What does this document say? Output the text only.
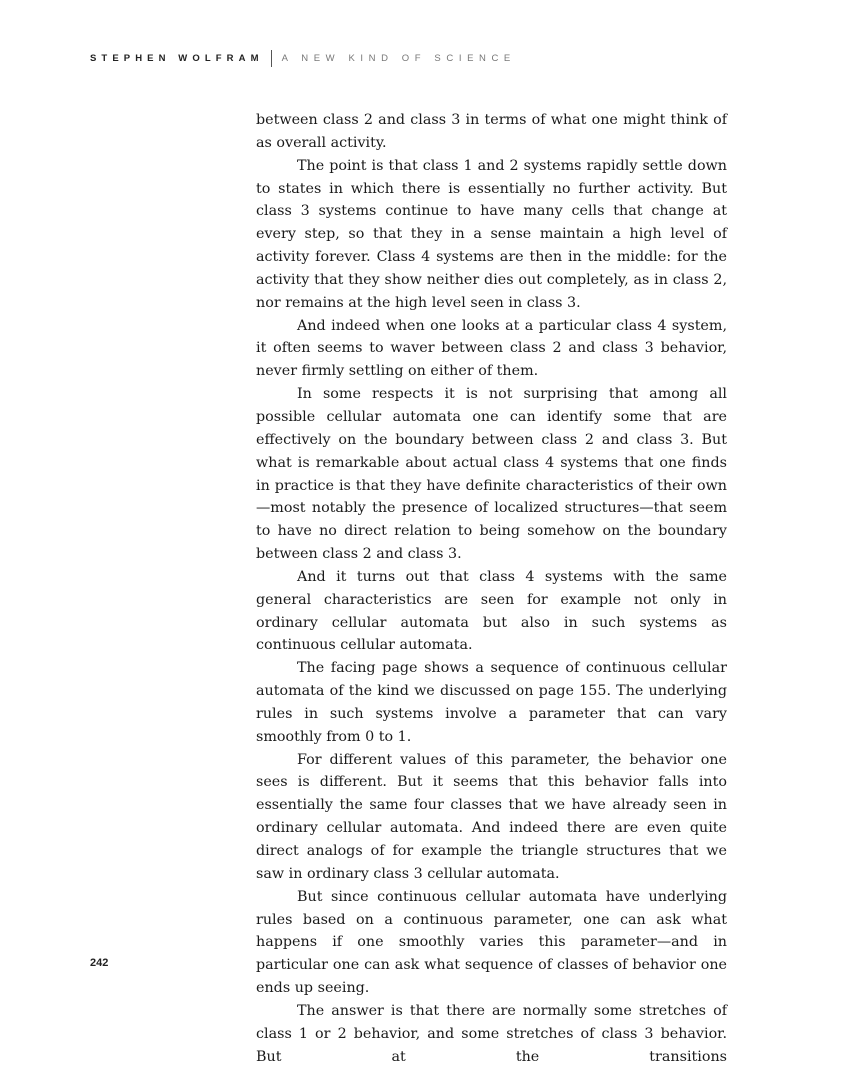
STEPHEN WOLFRAM A NEW KIND OF SCIENCE

between class 2 and class 3 in terms of what one might think of as overall activity.

The point is that class 1 and 2 systems rapidly settle down to states in which there is essentially no further activity. But class 3 systems continue to have many cells that change at every step, so that they in a sense maintain a high level of activity forever. Class 4 systems are then in the middle: for the activity that they show neither dies out completely, as in class 2, nor remains at the high level seen in class 3.

And indeed when one looks at a particular class 4 system, it often seems to waver between class 2 and class 3 behavior, never firmly settling on either of them.

In some respects it is not surprising that among all possible cellular automata one can identify some that are effectively on the boundary between class 2 and class 3. But what is remarkable about actual class 4 systems that one finds in practice is that they have definite characteristics of their own—most notably the presence of localized structures—that seem to have no direct relation to being somehow on the boundary between class 2 and class 3.

And it turns out that class 4 systems with the same general characteristics are seen for example not only in ordinary cellular automata but also in such systems as continuous cellular automata.

The facing page shows a sequence of continuous cellular automata of the kind we discussed on page 155. The underlying rules in such systems involve a parameter that can vary smoothly from 0 to 1.

For different values of this parameter, the behavior one sees is different. But it seems that this behavior falls into essentially the same four classes that we have already seen in ordinary cellular automata. And indeed there are even quite direct analogs of for example the triangle structures that we saw in ordinary class 3 cellular automata.

But since continuous cellular automata have underlying rules based on a continuous parameter, one can ask what happens if one smoothly varies this parameter—and in particular one can ask what sequence of classes of behavior one ends up seeing.

The answer is that there are normally some stretches of class 1 or 2 behavior, and some stretches of class 3 behavior. But at the transitions

242
